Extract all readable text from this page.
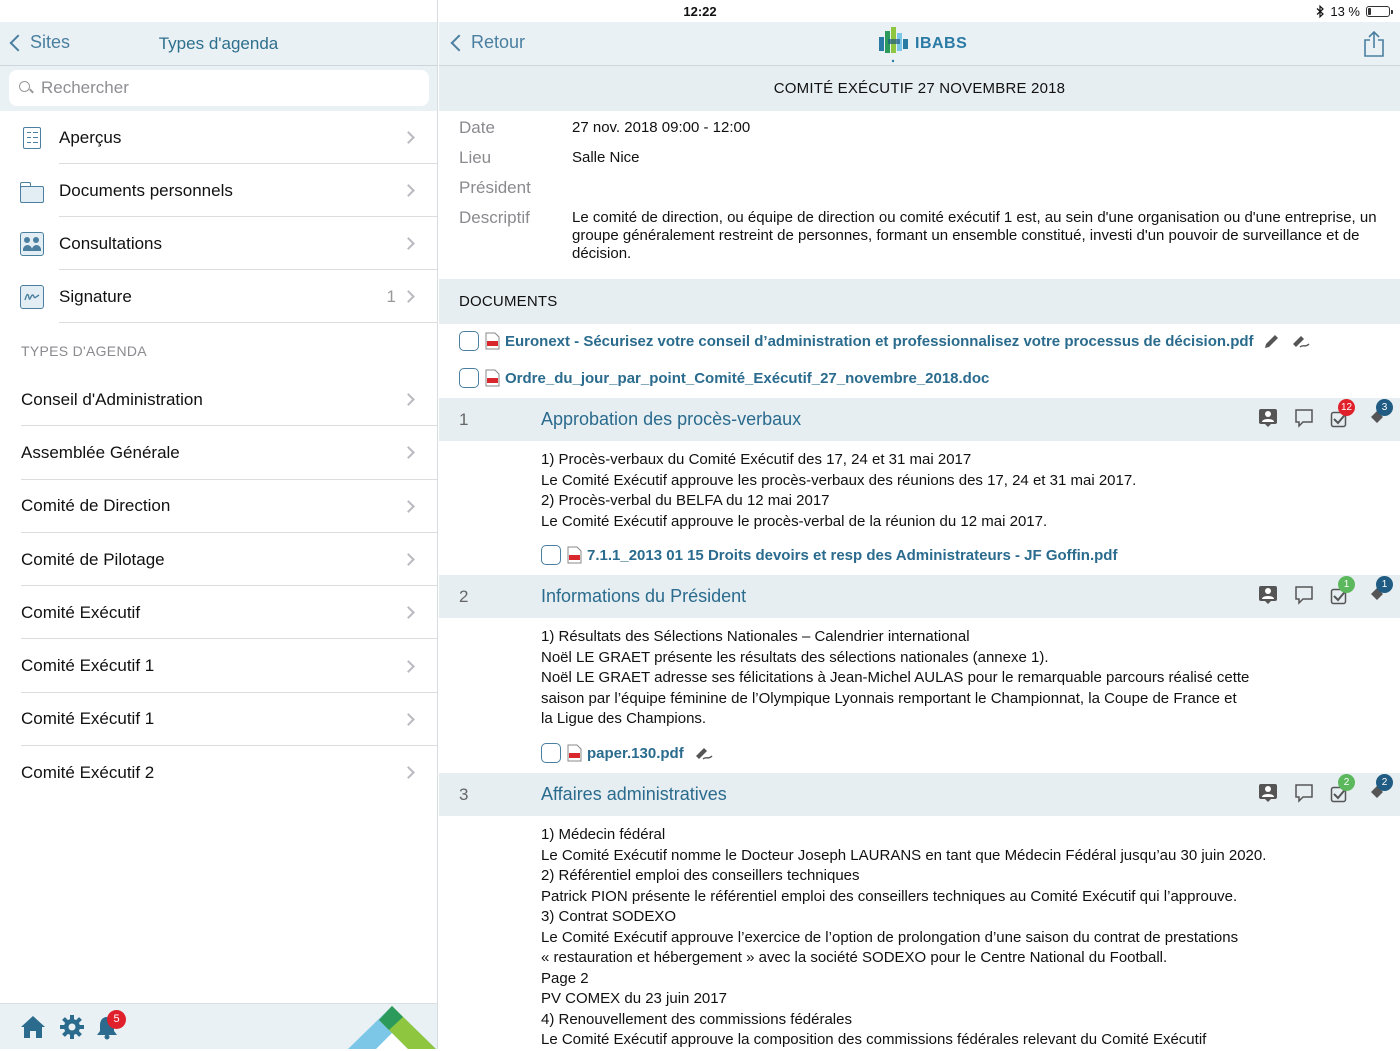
12:22	13 %
Sites	Types d'agenda
Rechercher
Aperçus
Documents personnels
Consultations
Signature	1
TYPES D'AGENDA
Conseil d'Administration
Assemblée Générale
Comité de Direction
Comité de Pilotage
Comité Exécutif
Comité Exécutif 1
Comité Exécutif 1
Comité Exécutif 2
5
Retour	IBABS
COMITÉ EXÉCUTIF 27 NOVEMBRE 2018
Date	27 nov. 2018 09:00 - 12:00
Lieu	Salle Nice
Président
Descriptif	Le comité de direction, ou équipe de direction ou comité exécutif 1 est, au sein d'une organisation ou d'une entreprise, un groupe généralement restreint de personnes, formant un ensemble constitué, investi d'un pouvoir de surveillance et de décision.
DOCUMENTS
Euronext - Sécurisez votre conseil d’administration et professionnalisez votre processus de décision.pdf
Ordre_du_jour_par_point_Comité_Exécutif_27_novembre_2018.doc
1	Approbation des procès-verbaux
12	3

1) Procès-verbaux du Comité Exécutif des 17, 24 et 31 mai 2017

Le Comité Exécutif approuve les procès-verbaux des réunions des 17, 24 et 31 mai 2017.

2) Procès-verbal du BELFA du 12 mai 2017

Le Comité Exécutif approuve le procès-verbal de la réunion du 12 mai 2017.

7.1.1_2013 01 15 Droits devoirs et resp des Administrateurs - JF Goffin.pdf
2	Informations du Président
1	1

1) Résultats des Sélections Nationales – Calendrier international

Noël LE GRAET présente les résultats des sélections nationales (annexe 1).

Noël LE GRAET adresse ses félicitations à Jean-Michel AULAS pour le remarquable parcours réalisé cette

saison par l’équipe féminine de l’Olympique Lyonnais remportant le Championnat, la Coupe de France et

la Ligue des Champions.

paper.130.pdf
3	Affaires administratives
2	2

1) Médecin fédéral

Le Comité Exécutif nomme le Docteur Joseph LAURANS en tant que Médecin Fédéral jusqu’au 30 juin 2020.

2) Référentiel emploi des conseillers techniques

Patrick PION présente le référentiel emploi des conseillers techniques au Comité Exécutif qui l’approuve.

3) Contrat SODEXO

Le Comité Exécutif approuve l’exercice de l’option de prolongation d’une saison du contrat de prestations

« restauration et hébergement » avec la société SODEXO pour le Centre National du Football.

Page 2

PV COMEX du 23 juin 2017

4) Renouvellement des commissions fédérales

Le Comité Exécutif approuve la composition des commissions fédérales relevant du Comité Exécutif
